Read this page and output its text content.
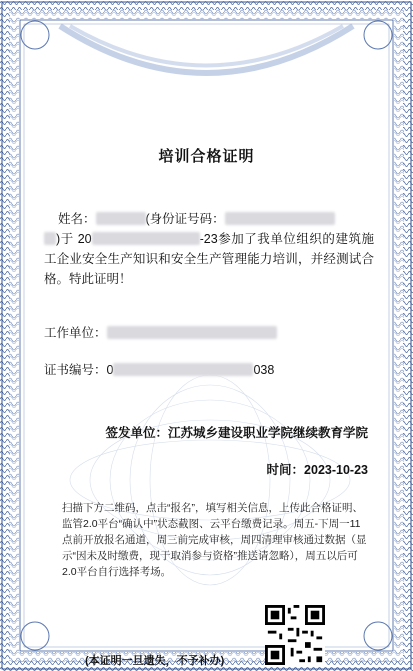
培训合格证明
姓名：	(身份证号码：
)于 20	-23参加了我单位组织的建筑施工企业安全生产知识和安全生产管理能力培训，并经测试合格。特此证明！
工作单位：
证书编号：0	038
签发单位：江苏城乡建设职业学院继续教育学院
时间：2023-10-23
扫描下方二维码，点击“报名”，填写相关信息，上传此合格证明、监管2.0平台“确认中”状态截图、云平台缴费记录。周五-下周一11点前开放报名通道，周三前完成审核，周四清理审核通过数据（显示“因未及时缴费，现于取消参与资格”推送请忽略），周五以后可2.0平台自行选择考场。
(本证明一旦遗失，不予补办)
